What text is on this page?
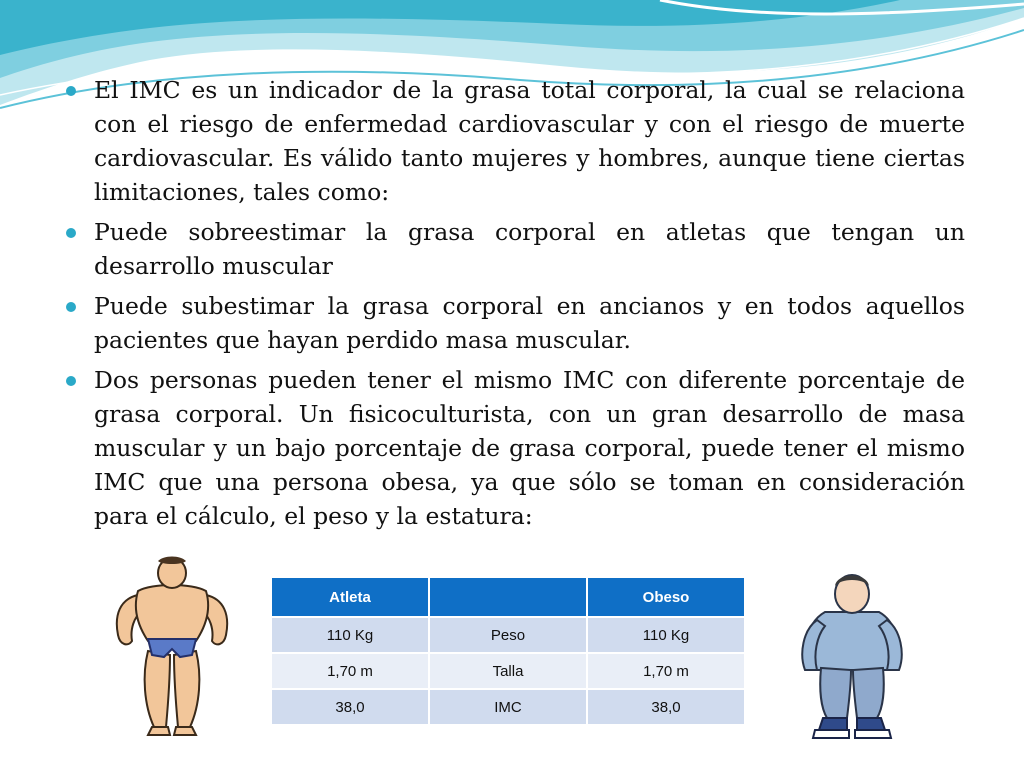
El IMC es un indicador de la grasa total corporal, la cual se relaciona con el riesgo de enfermedad cardiovascular y con el riesgo de muerte cardiovascular. Es válido tanto mujeres y hombres, aunque tiene ciertas limitaciones, tales como:
Puede sobreestimar la grasa corporal en atletas que tengan un desarrollo muscular
Puede subestimar la grasa corporal en ancianos y en todos aquellos pacientes que hayan perdido masa muscular.
Dos personas pueden tener el mismo IMC con diferente porcentaje de grasa corporal. Un fisicoculturista, con un gran desarrollo de masa muscular y un bajo porcentaje de grasa corporal, puede tener el mismo IMC que una persona obesa, ya que sólo se toman en consideración para el cálculo, el peso y la estatura:
Atleta		Obeso
110 Kg	Peso	110 Kg
1,70 m	Talla	1,70 m
38,0	IMC	38,0
